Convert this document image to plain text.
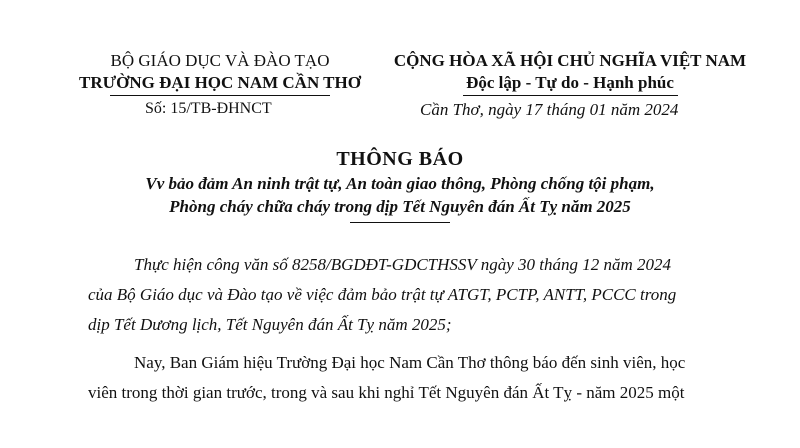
BỘ GIÁO DỤC VÀ ĐÀO TẠO
TRƯỜNG ĐẠI HỌC NAM CẦN THƠ
Số: 15/TB-ĐHNCT
CỘNG HÒA XÃ HỘI CHỦ NGHĨA VIỆT NAM
Độc lập - Tự do - Hạnh phúc
Cần Thơ, ngày 17 tháng 01 năm 2024
THÔNG BÁO
Vv bảo đảm An ninh trật tự, An toàn giao thông, Phòng chống tội phạm,
Phòng cháy chữa cháy trong dịp Tết Nguyên đán Ất Tỵ năm 2025

Thực hiện công văn số 8258/BGDĐT-GDCTHSSV ngày 30 tháng 12 năm 2024
của Bộ Giáo dục và Đào tạo về việc đảm bảo trật tự ATGT, PCTP, ANTT, PCCC trong
dịp Tết Dương lịch, Tết Nguyên đán Ất Tỵ năm 2025;

Nay, Ban Giám hiệu Trường Đại học Nam Cần Thơ thông báo đến sinh viên, học
viên trong thời gian trước, trong và sau khi nghỉ Tết Nguyên đán Ất Tỵ - năm 2025 một
